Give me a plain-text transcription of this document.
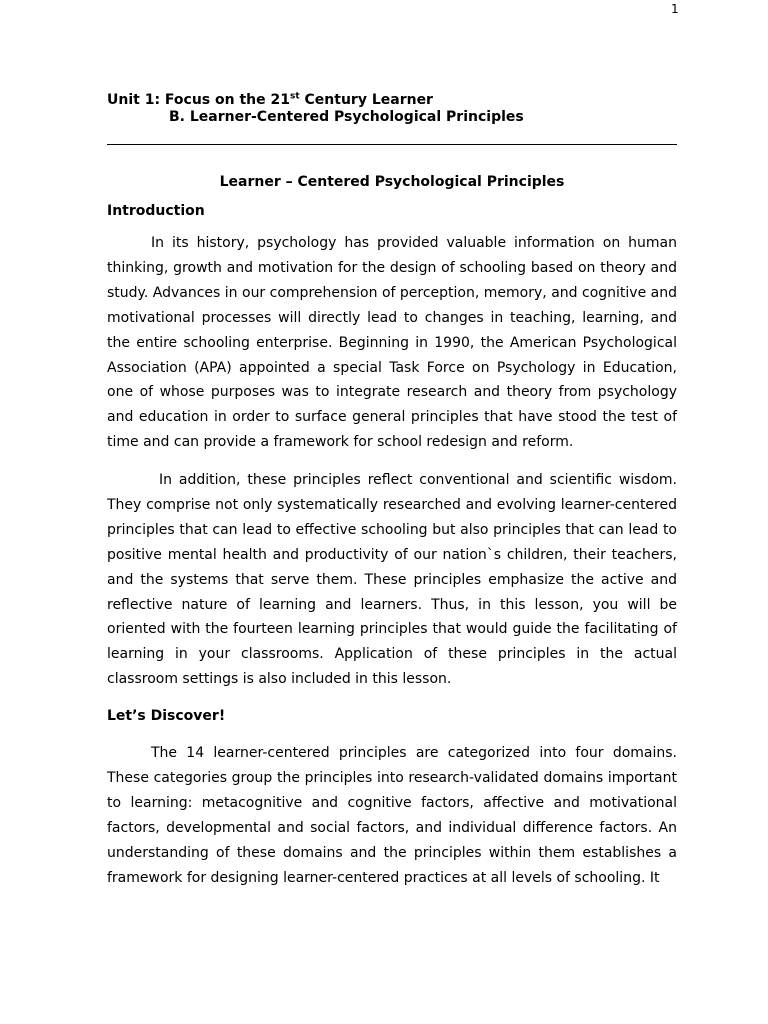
1
Unit 1: Focus on the 21st Century Learner
B. Learner-Centered Psychological Principles
Learner – Centered Psychological Principles
Introduction

In its history, psychology has provided valuable information on human thinking, growth and motivation for the design of schooling based on theory and study. Advances in our comprehension of perception, memory, and cognitive and motivational processes will directly lead to changes in teaching, learning, and the entire schooling enterprise. Beginning in 1990, the American Psychological Association (APA) appointed a special Task Force on Psychology in Education, one of whose purposes was to integrate research and theory from psychology and education in order to surface general principles that have stood the test of time and can provide a framework for school redesign and reform.

In addition, these principles reflect conventional and scientific wisdom. They comprise not only systematically researched and evolving learner-centered principles that can lead to effective schooling but also principles that can lead to positive mental health and productivity of our nation`s children, their teachers, and the systems that serve them. These principles emphasize the active and reflective nature of learning and learners. Thus, in this lesson, you will be oriented with the fourteen learning principles that would guide the facilitating of learning in your classrooms. Application of these principles in the actual classroom settings is also included in this lesson.

Let’s Discover!

The 14 learner-centered principles are categorized into four domains. These categories group the principles into research-validated domains important to learning: metacognitive and cognitive factors, affective and motivational factors, developmental and social factors, and individual difference factors. An understanding of these domains and the principles within them establishes a framework for designing learner-centered practices at all levels of schooling. It
